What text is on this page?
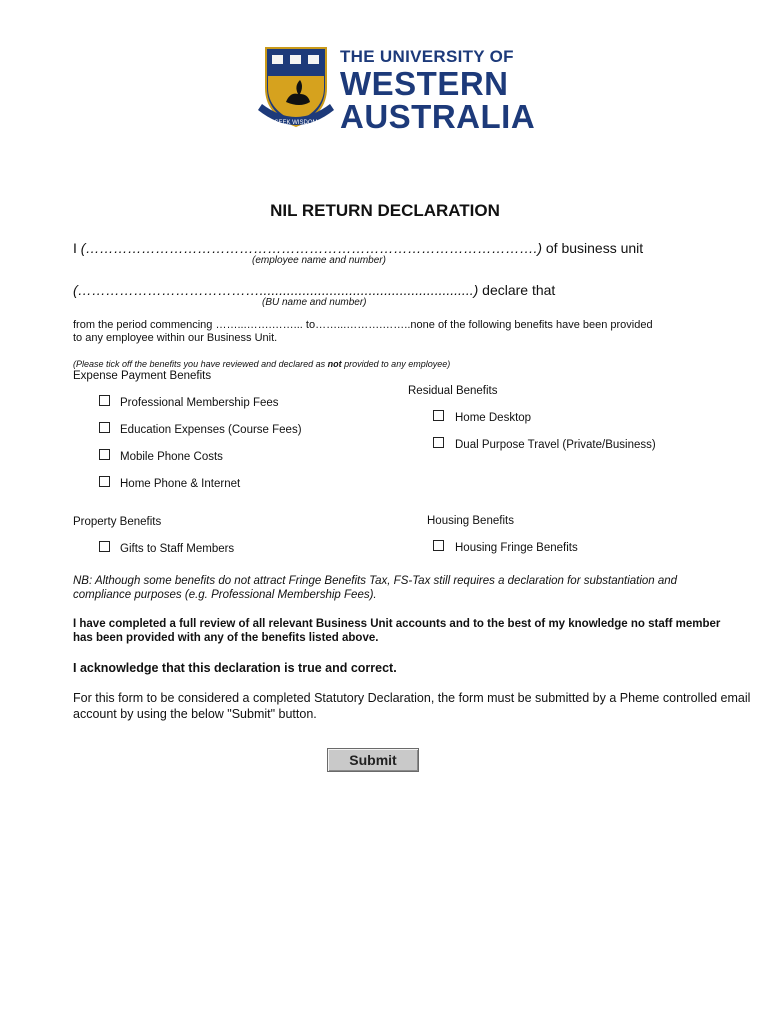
SEEK WISDOM
THE UNIVERSITY OF
WESTERN
AUSTRALIA
NIL RETURN DECLARATION
I (…………………………………………………………………………………….) of business unit
(employee name and number)
(………………………………….......................................................) declare that
(BU name and number)
from the period commencing ……...…….……... to……...……….……..none of the following benefits have been provided
to any employee within our Business Unit.
(Please tick off the benefits you have reviewed and declared as not provided to any employee)
Expense Payment Benefits
Professional Membership Fees
Education Expenses (Course Fees)
Mobile Phone Costs
Home Phone & Internet
Residual Benefits
Home Desktop
Dual Purpose Travel (Private/Business)
Property Benefits
Gifts to Staff Members
Housing Benefits
Housing Fringe Benefits
NB: Although some benefits do not attract Fringe Benefits Tax, FS-Tax still requires a declaration for substantiation and compliance purposes (e.g. Professional Membership Fees).
I have completed a full review of all relevant Business Unit accounts and to the best of my knowledge no staff member has been provided with any of the benefits listed above.
I acknowledge that this declaration is true and correct.
For this form to be considered a completed Statutory Declaration, the form must be submitted by a Pheme controlled email account by using the below "Submit" button.
Submit
